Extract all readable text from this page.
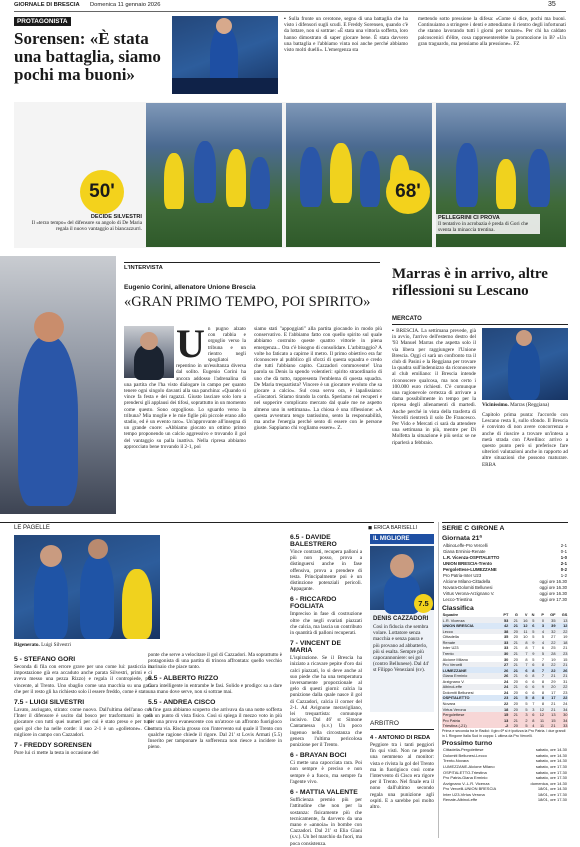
GIORNALE DI BRESCIA Domenica 11 gennaio 2026	35
PROTAGONISTA
Sorensen: «È stata una battaglia, siamo pochi ma buoni»
▪ Sulla fronte un cerotone, segno di una battaglia che ha visto i difensori sugli scudi. E Freddy Sorensen, quando c'è da lottare, non si sottrae: «È stata una vittoria sofferta, loro hanno dimostrato di saper giocare bene. È stata davvero una battaglia e l'abbiamo vinta noi anche perché abbiamo visto molti duelli». L'emergenza sta
mettendo sotto pressione la difesa: «Come si dice, pochi ma buoni. Continuiamo a stringere i denti e attendiamo il rientro degli infortunati che stanno lavorando tutti i giorni per tornare». Per chi ha caldato palcoscenici d'élite, cosa rappresenterebbe la promozione in B? «Un gran traguardo, ma pensiamo alla pressione». FZ
50'
DECIDE SILVESTRI
Il «terzo tempo» del difensore su angolo di De Maria regala il nuovo vantaggio ai biancazzurri.
68'
PELLEGRINI CI PROVA
Il tentativo in acrobazia è preda di Gori che sventa la minaccia trentina.
L'INTERVISTA
Eugenio Corini, allenatore Unione Brescia
«GRAN PRIMO TEMPO, POI SPIRITO»
U n pugno alzato con rabbia e orgoglio verso la tribuna e un rientro negli spogliatoi repentino in un'esultanza diversa dal solito. Eugenio Corini ha ancora addosso l'adrenalina di una partita che l'ha visto dialogare in campo per quanto tenere ogni singolo davanti alla sua panchina: «Quando si vince fa festa e dei ragazzi. Giusto lasciare solo loro a prendersi gli applausi dei tifosi, soprattutto in un momento come questo. Sono orgoglioso. Lo sguardo verso la tribuna? Mia moglie e le mie figlie più piccole erano allo stadio, ed è un evento raro». Un'approvante all'insegna di un grande cuore: «Abbiamo giocato un ottimo primo tempo proponendo un calcio aggressivo e trovando il gol del vantaggio su palla inattiva. Nella ripresa abbiamo approcciato bene trovando il 2-1, poi
siamo stati "appoggiati" alla partita giocando in modo più conservativo. E l'abbiamo fatto con quello spirito sul quale abbiamo costruito queste quattro vittorie in piena emergenza... Ora c'è bisogno di consolidare. L'arbitraggio? A volte ho faticato a capirne il metro. Il primo obiettivo era far riconoscere al pubblico gli sforzi di questa squadra e credo che tutti l'abbiano capito. Cazzadori commovente! Una parola su Denis la spendo volentieri: spirito straordinario di uno che dà tutto, rappresenta l'emblema di questa squadra. De Maria trequartista? Vincere è un giocatore evoluto che sa giocare a calcio». Sul cosa serva ora, è lapalissiano: «Giocatori. Stiamo tirando la corda. Speriamo nei recuperi e nel sopperire complicato mercato dal quale me ne aspetto almeno uno in settimana». La chiosa è una riflessione: «A questa avventura tengo tantissimo, sento la responsabilità, ma anche l'energia perché sento di essere con le persone giuste. Sappiamo chi vogliamo essere». Z.
Marras è in arrivo, altre riflessioni su Lescano
MERCATO
▪ BRESCIA. La settimana prevede, già in avvio, l'arrivo dell'esterno destro del '93 Manuel Marras che aspetta solo il via libera per raggiungere l'Unione Brescia. Oggi ci sarà un confronto tra il club di Pasini e la Reggiana per trovare la quadra sull'indennizzo da riconoscere al club emiliano: il Brescia intende riconoscere qualcosa, ma non certo i 100.000 euro richiesti. C'è comunque una ragionevole certezza di arrivare a dama possibilmente in tempo per la ripresa degli allenamenti di martedì. Anche perché in vista della trasferta di Vercelli rientrerà il solo De Francesco. Per Vido e Mercati ci sarà da attendere una settimana in più, mentre per Di Molfetta la situazione è più seria: se ne riparlerà a febbraio.
Vicinissimo. Marras (Reggiana)
Capitolo prima punta: l'accordo con Lescano resta lì, sullo sfondo. Il Brescia è convinto di non avere concorrenza e anche di riuscire a trovare un'intesa a metà strada con l'Avellino: arrivo a questo punto però si preferisce fare ulteriori valutazioni anche in rapporto ad altre situazioni che possono maturare. ERBA
LE PAGELLE	◼ ERICA BARISELLI
Rigenerato. Luigi Silvestri
5 - STEFANO GORI
Seconda di fila con errore grave per uno come lui: pasticcia in impostazione già era accaduto anche parata Silvestri, primi e ci aveva messo una pezza Rizzo) e regala il contropiede, poi vincente, al Trento. Uno sbaglio come una macchia su una gara che per il resto gli ha richiesto solo il essere freddo, come è stato.
7.5 - LUIGI SILVESTRI
Lavato, asciugato, stirato: come nuovo. Dall'ultima dell'anno con l'Inter il difensore è uscito dal bosco per trasformarsi in quel giocatore con tutti quei numeri per cui è stato preso e per tutti quei gol che ha nelle corde: il suo 2-1 è un «golletone». Co-migliore in campo con Cazzadori.
7 - FREDDY SORENSEN
Pure lui ci mette la testa in occasione del
ponte che serve a velocitare il gol di Cazzadori. Ma soprattutto è protagonista di una partita di trincea affrontata: quello vecchio marinaio che piace tanto.
6.5 - ALBERTO RIZZO
Gara intelligente in entrambe le fasi. Solido e prodigo: sa a dare una mano dove serve, non si sottrae mai.
5.5 - ANDREA CISCO
A fine gara abbiamo scoperto che arrivava da una notte sofferta da un punto di vista fisico. Così si spiega il mezzo voto in più per una prova evanescente con un'atroce un affronto fuorigioco battuta via. Riscia grosso con l'intervento sul quale il Trento con qualche ragione chiede il rigore. Dal 21' st Lovis Armati (5.5) Inserito per tamponare la sofferenza non riesce a incidere in pieno.
6.5 - DAVIDE BALESTRERO
Vince contrasti, recupera palloni a più non posso, prova a distinguersi anche in fase offensiva, prova a prendere di testa. Principalmente poi è un distinzione potenziali pericoli. Appagante.
6 - RICCARDO FOGLIATA
Impreciso in fase di costruzione oltre che negli svariati piazzati che calcia, ma lascia un contributo in quantità di palloni recuperati.
7 - VINCENT DE MARIA
L'ispirazione. Se il Brescia ha iniziato a ricavare pepite d'oro dai calci piazzati, lo si deve anche al suo piede che ha una temperatura inversamente proporzionale al gelo di questi giorni: calcia la punizione dalla quale nasce il gol di Cazzadori, calcia il corner del 2-1. Ad Avignone meravigliano, lei trequartista: comunque incisivo. Dal 46' st Simone Cantamessa (s.v.) Un poco ingenuo nella circostanza che genera l'ultima pericolosa punizione per il Trento.
6 - BRAYAN BOCI
Ci mette una capocciata rara. Poi non sempre è preciso e non sempre è a fuoco, ma sempre fa l'agente vivo.
6 - MATTIA VALENTE
Sufficienza premio più per l'attitudine che non per la sostanza: fisicamente più che tecnicamente, fa davvero da una mano e «annoia» in bombe con Cazzadori. Dal 21' st Elia Giani (s.v.). Un bel marchio da fuori, ma poca consistenza.
IL MIGLIORE
7.5
DENIS CAZZADORI
Così in fiducia che sembra volare. Lottatore senza macchia e senza paura e più provano ad abbatterlo, più si esalta. Sempre più capocannoniere: sei gol (contro Bellunese). Dal 44' st Filippo Veneziani (sv).
ARBITRO
4 - ANTONIO DI REDA
Peggiore tra i tanti peggiori fin qui visti. Non ne prende una nemmeno al monitor: vista e rivista la gol del Trento ma in fuorigioco così come l'intervento di Cisco era rigore per il Trento. Nel finale era il nono dall'ultimo secondo regala una punizione agli ospiti. E a sarebbe poi molto altro.
SERIE C GIRONE A
Giornata 21ª
AlbinoLeffe-Pro Vercelli	2-1
Giana Erminio-Renate	0-1
L.R. Vicenza-OSPITALETTO	1-0
UNION BRESCIA-Trento	2-1
Pergolettese-LUMEZZANE	0-2
Pro Patria-Inter U23	1-2
Alcione Milano-Cittadella	oggi ore 16.30
Novara-Dolomiti Bellunesi	oggi ore 16.30
Virtus Verona-Arzignano V.	oggi ore 16.30
Lecco-Triestina	oggi ore 17.30
Classifica
Squadre	PT	G	V	N	P	GF	GS
L.R. Vicenza	53	21	16	5	0	35	13
UNION BRESCIA	42	21	12	6	3	39	12
Lecco	38	20	11	5	4	32	22
Cittadella	35	20	10	5	5	27	19
Renate	33	21	8	9	4	22	18
Inter U23	33	21	8	7	6	25	21
Trento	30	21	7	9	5	28	23
Alcione Milano	30	20	8	5	7	19	15
Pro Vercelli	27	21	7	6	8	22	21
LUMEZZANE	26	21	6	8	7	22	26
Giana Erminio	26	21	6	8	7	21	21
Arzignano V.	24	20	6	6	8	29	31
AlbinoLeffe	24	21	6	6	9	20	22
Dolomiti Bellunesi	24	20	6	6	8	17	23
OSPITALETTO	23	21	5	8	8	17	22
Novara	22	20	5	7	8	21	24
Virtus Verona	18	20	5	3	12	21	34
Pergolettese	15	21	3	6	12	13	30
Pro Patria	13	21	2	8	11	15	34
Triestina (-21)	-2	20	5	4	11	21	33
Prima e seconda tra le Radici: il giro 6ª si è ipotizza la Pro Patria. I due grandi in 1 Ringone Italia Sud in coppa: 1 ultima da Pro Vercelli.
Prossimo turno
Cittadella-Pergolettese	sabato, ore 14.30
Dolomiti Bellunesi-Lecco	sabato, ore 14.30
Trento-Novara	sabato, ore 14.30
LUMEZZANE-Alcione Milano	sabato, ore 17.30
OSPITALETTO-Triestina	sabato, ore 17.30
Pro Patria-Giana Erminio	sabato, ore 17.30
Arzignano V.-L.R. Vicenza	domenica, ore 14.30
Pro Vercelli-UNION BRESCIA	18/01, ore 14.30
Inter U23-Virtus Verona	18/01, ore 17.30
Renate-AlbinoLeffe	18/01, ore 17.30
